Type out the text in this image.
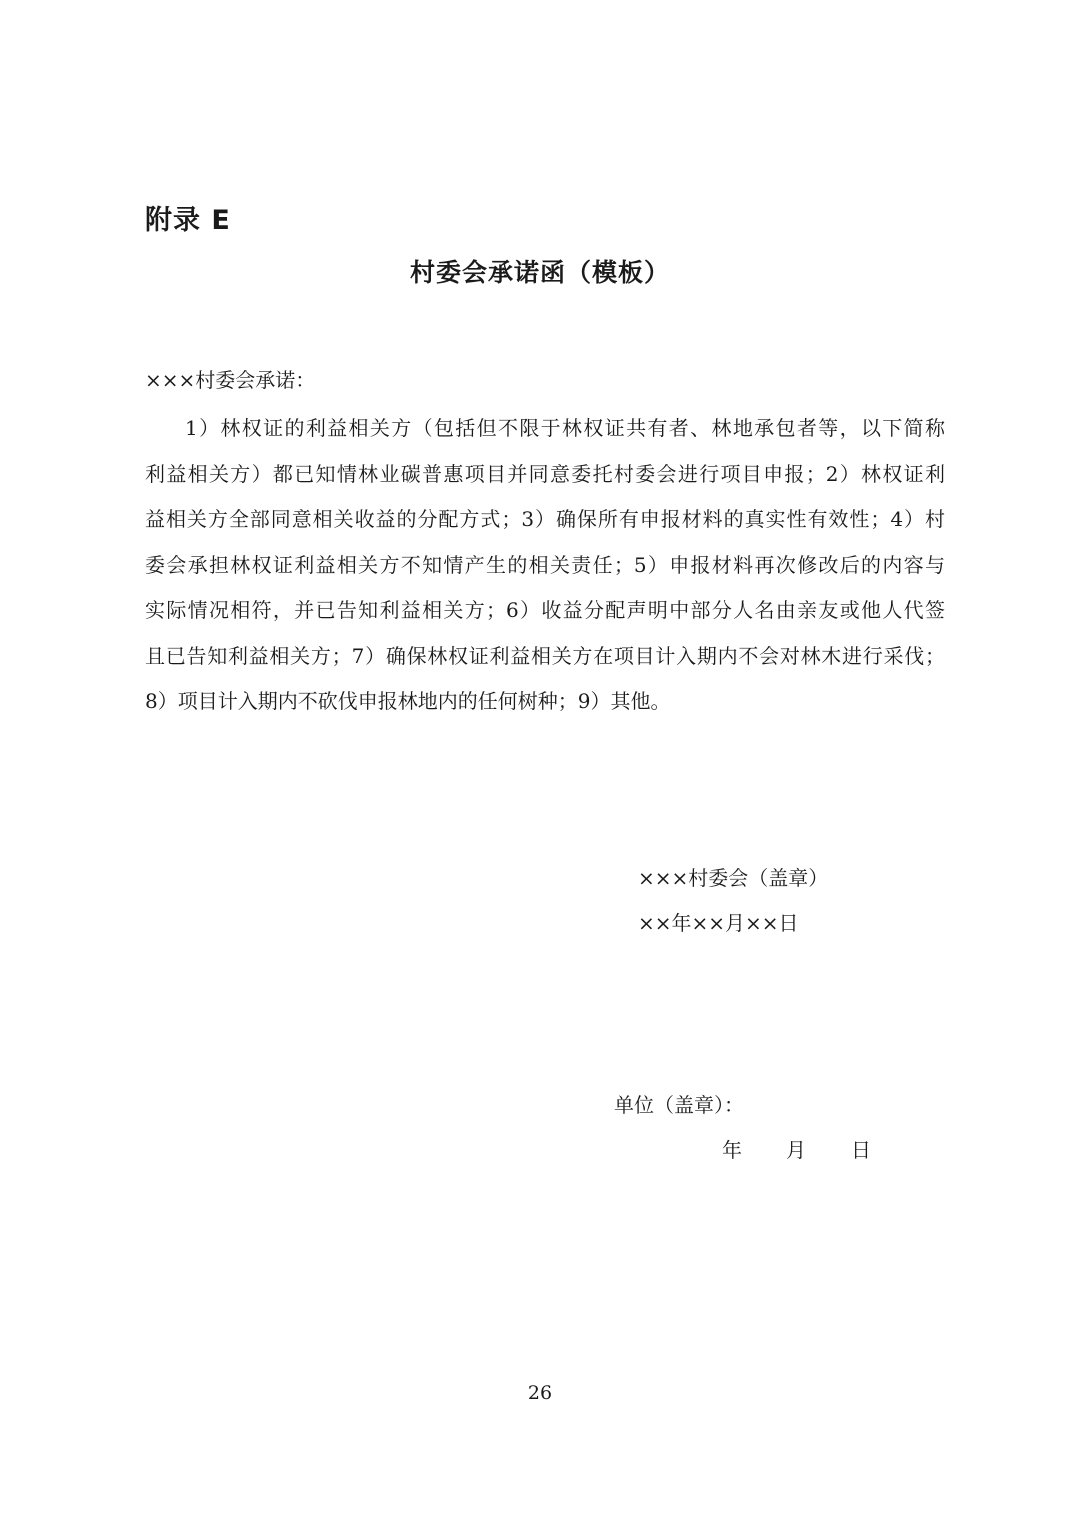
附录 E
村委会承诺函（模板）
×××村委会承诺：
1）林权证的利益相关方（包括但不限于林权证共有者、林地承包者等，以下简称
利益相关方）都已知情林业碳普惠项目并同意委托村委会进行项目申报；2）林权证利
益相关方全部同意相关收益的分配方式；3）确保所有申报材料的真实性有效性；4）村
委会承担林权证利益相关方不知情产生的相关责任；5）申报材料再次修改后的内容与
实际情况相符，并已告知利益相关方；6）收益分配声明中部分人名由亲友或他人代签
且已告知利益相关方；7）确保林权证利益相关方在项目计入期内不会对林木进行采伐；
8）项目计入期内不砍伐申报林地内的任何树种；9）其他。
×××村委会（盖章）
××年××月××日
单位（盖章）：
年 月 日
26
